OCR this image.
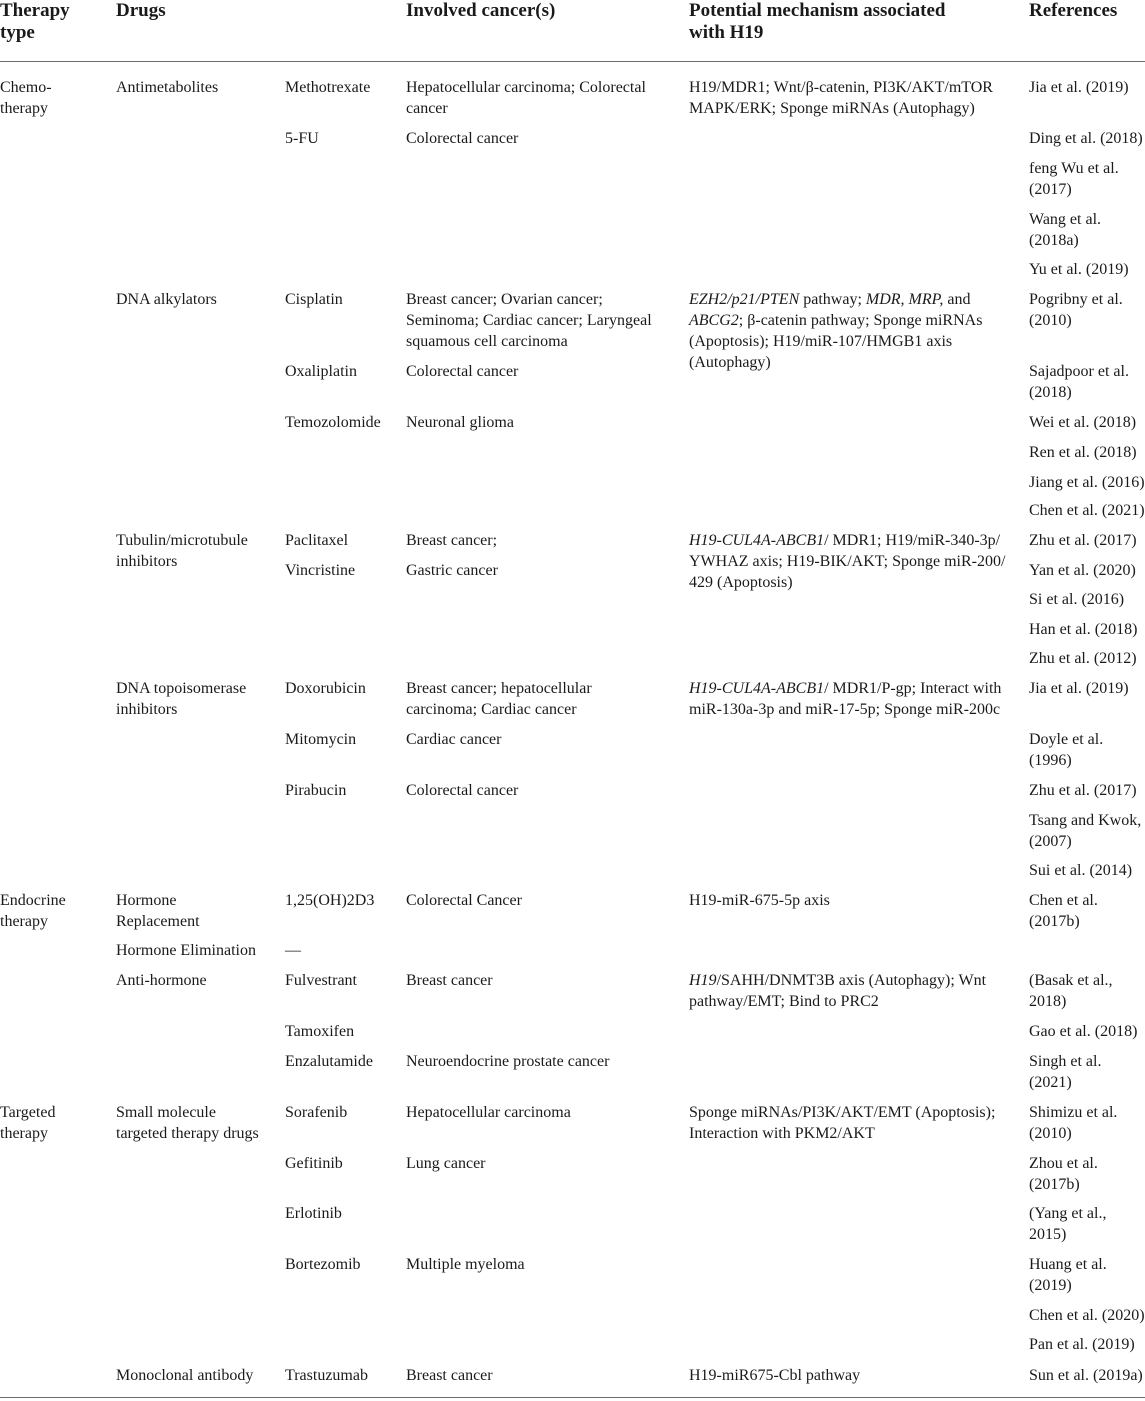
Therapy
type
Drugs	Involved cancer(s)	Potential mechanism associated
with H19
References
Chemo-
therapy
Endocrine
therapy
Targeted
therapy
Antimetabolites
DNA alkylators
Tubulin/microtubule
inhibitors
DNA topoisomerase
inhibitors
Hormone
Replacement
Hormone Elimination
Anti-hormone
Small molecule
targeted therapy drugs
Monoclonal antibody
Methotrexate
5-FU
Cisplatin
Oxaliplatin
Temozolomide
Paclitaxel
Vincristine
Doxorubicin
Mitomycin
Pirabucin
1,25(OH)2D3
—
Fulvestrant
Tamoxifen
Enzalutamide
Sorafenib
Gefitinib
Erlotinib
Bortezomib
Trastuzumab
Hepatocellular carcinoma; Colorectal
cancer
Colorectal cancer
Breast cancer; Ovarian cancer;
Seminoma; Cardiac cancer; Laryngeal
squamous cell carcinoma
Colorectal cancer
Neuronal glioma
Breast cancer;
Gastric cancer
Breast cancer; hepatocellular
carcinoma; Cardiac cancer
Cardiac cancer
Colorectal cancer
Colorectal Cancer
Breast cancer
Neuroendocrine prostate cancer
Hepatocellular carcinoma
Lung cancer
Multiple myeloma
Breast cancer
H19/MDR1; Wnt/β-catenin, PI3K/AKT/mTOR
MAPK/ERK; Sponge miRNAs (Autophagy)
EZH2/p21/PTEN pathway; MDR, MRP, and
ABCG2; β-catenin pathway; Sponge miRNAs
(Apoptosis); H19/miR-107/HMGB1 axis
(Autophagy)
H19-CUL4A-ABCB1/ MDR1; H19/miR-340-3p/
YWHAZ axis; H19-BIK/AKT; Sponge miR-200/
429 (Apoptosis)
H19-CUL4A-ABCB1/ MDR1/P-gp; Interact with
miR-130a-3p and miR-17-5p; Sponge miR-200c
H19-miR-675-5p axis
H19/SAHH/DNMT3B axis (Autophagy); Wnt
pathway/EMT; Bind to PRC2
Sponge miRNAs/PI3K/AKT/EMT (Apoptosis);
Interaction with PKM2/AKT
H19-miR675-Cbl pathway
Jia et al. (2019)
Ding et al. (2018)
feng Wu et al.
(2017)
Wang et al.
(2018a)
Yu et al. (2019)
Pogribny et al.
(2010)
Sajadpoor et al.
(2018)
Wei et al. (2018)
Ren et al. (2018)
Jiang et al. (2016)
Chen et al. (2021)
Zhu et al. (2017)
Yan et al. (2020)
Si et al. (2016)
Han et al. (2018)
Zhu et al. (2012)
Jia et al. (2019)
Doyle et al.
(1996)
Zhu et al. (2017)
Tsang and Kwok,
(2007)
Sui et al. (2014)
Chen et al.
(2017b)
(Basak et al.,
2018)
Gao et al. (2018)
Singh et al.
(2021)
Shimizu et al.
(2010)
Zhou et al.
(2017b)
(Yang et al.,
2015)
Huang et al.
(2019)
Chen et al. (2020)
Pan et al. (2019)
Sun et al. (2019a)
